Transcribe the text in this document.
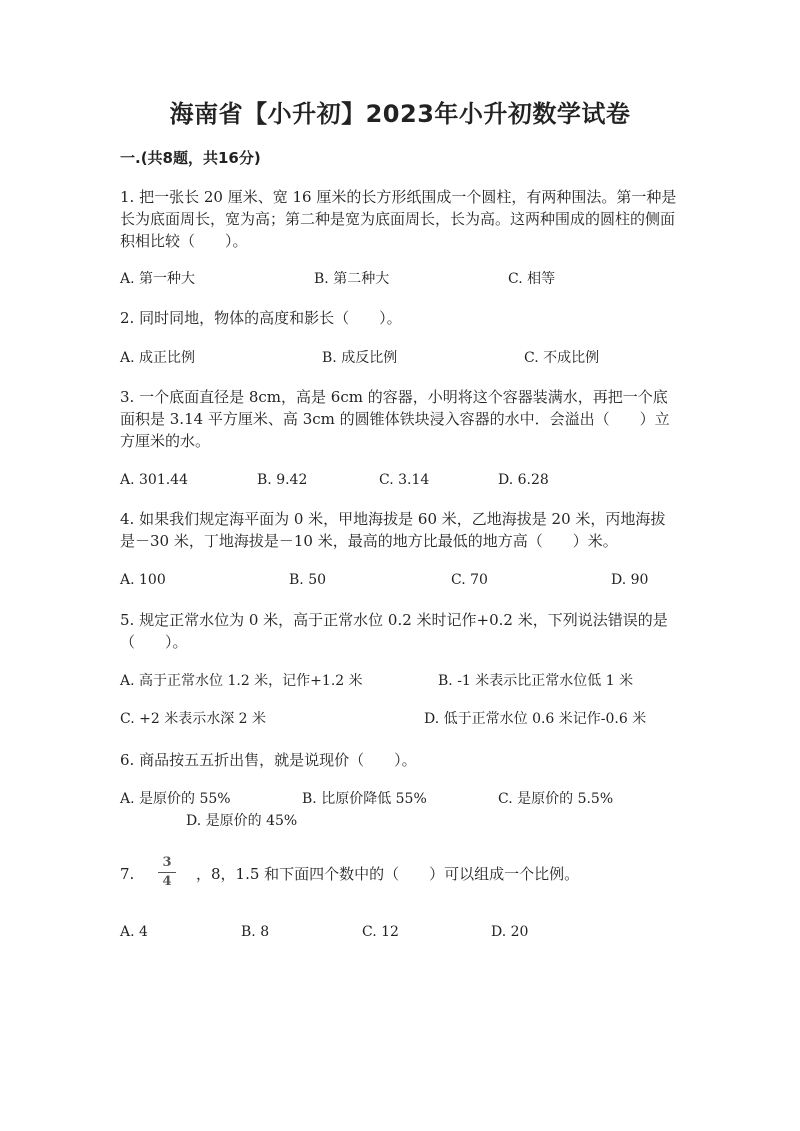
海南省【小升初】2023年小升初数学试卷
一.(共8题，共16分)
1. 把一张长 20 厘米、宽 16 厘米的长方形纸围成一个圆柱，有两种围法。第一种是长为底面周长，宽为高；第二种是宽为底面周长，长为高。这两种围成的圆柱的侧面积相比较（　　）。
A. 第一种大	B. 第二种大	C. 相等
2. 同时同地，物体的高度和影长（　　）。
A. 成正比例	B. 成反比例	C. 不成比例
3. 一个底面直径是 8cm，高是 6cm 的容器，小明将这个容器装满水，再把一个底面积是 3.14 平方厘米、高 3cm 的圆锥体铁块浸入容器的水中．会溢出（　　）立方厘米的水。
A. 301.44	B. 9.42	C. 3.14	D. 6.28
4. 如果我们规定海平面为 0 米，甲地海拔是 60 米，乙地海拔是 20 米，丙地海拔是－30 米，丁地海拔是－10 米，最高的地方比最低的地方高（　　）米。
A. 100	B. 50	C. 70	D. 90
5. 规定正常水位为 0 米，高于正常水位 0.2 米时记作+0.2 米，下列说法错误的是（　　）。
A. 高于正常水位 1.2 米，记作+1.2 米	B. -1 米表示比正常水位低 1 米
C. +2 米表示水深 2 米	D. 低于正常水位 0.6 米记作-0.6 米
6. 商品按五五折出售，就是说现价（　　）。
A. 是原价的 55%	B. 比原价降低 55%	C. 是原价的 5.5%
D. 是原价的 45%
7.
3
4 ，8，1.5 和下面四个数中的（　　）可以组成一个比例。
A. 4	B. 8	C. 12	D. 20
